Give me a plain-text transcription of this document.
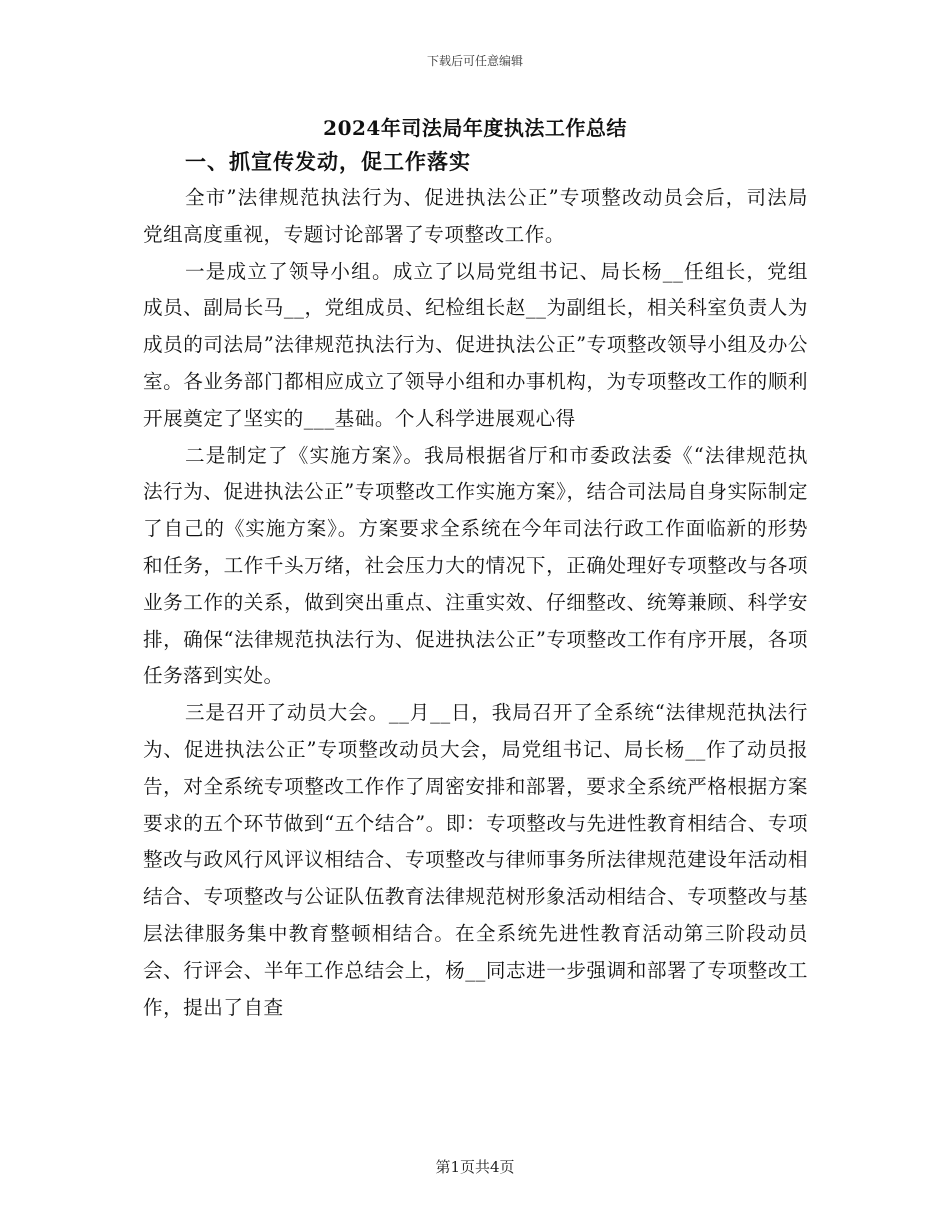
下载后可任意编辑
2024年司法局年度执法工作总结
一、抓宣传发动，促工作落实

全市”法律规范执法行为、促进执法公正”专项整改动员会后，司法局党组高度重视，专题讨论部署了专项整改工作。

一是成立了领导小组。成立了以局党组书记、局长杨__任组长，党组成员、副局长马__，党组成员、纪检组长赵__为副组长，相关科室负责人为成员的司法局”法律规范执法行为、促进执法公正”专项整改领导小组及办公室。各业务部门都相应成立了领导小组和办事机构，为专项整改工作的顺利开展奠定了坚实的___基础。个人科学进展观心得

二是制定了《实施方案》。我局根据省厅和市委政法委《“法律规范执法行为、促进执法公正”专项整改工作实施方案》，结合司法局自身实际制定了自己的《实施方案》。方案要求全系统在今年司法行政工作面临新的形势和任务，工作千头万绪，社会压力大的情况下，正确处理好专项整改与各项业务工作的关系，做到突出重点、注重实效、仔细整改、统筹兼顾、科学安排，确保“法律规范执法行为、促进执法公正”专项整改工作有序开展，各项任务落到实处。

三是召开了动员大会。__月__日，我局召开了全系统“法律规范执法行为、促进执法公正”专项整改动员大会，局党组书记、局长杨__作了动员报告，对全系统专项整改工作作了周密安排和部署，要求全系统严格根据方案要求的五个环节做到“五个结合”。即：专项整改与先进性教育相结合、专项整改与政风行风评议相结合、专项整改与律师事务所法律规范建设年活动相结合、专项整改与公证队伍教育法律规范树形象活动相结合、专项整改与基层法律服务集中教育整顿相结合。在全系统先进性教育活动第三阶段动员会、行评会、半年工作总结会上，杨__同志进一步强调和部署了专项整改工作，提出了自查

第1页共4页
